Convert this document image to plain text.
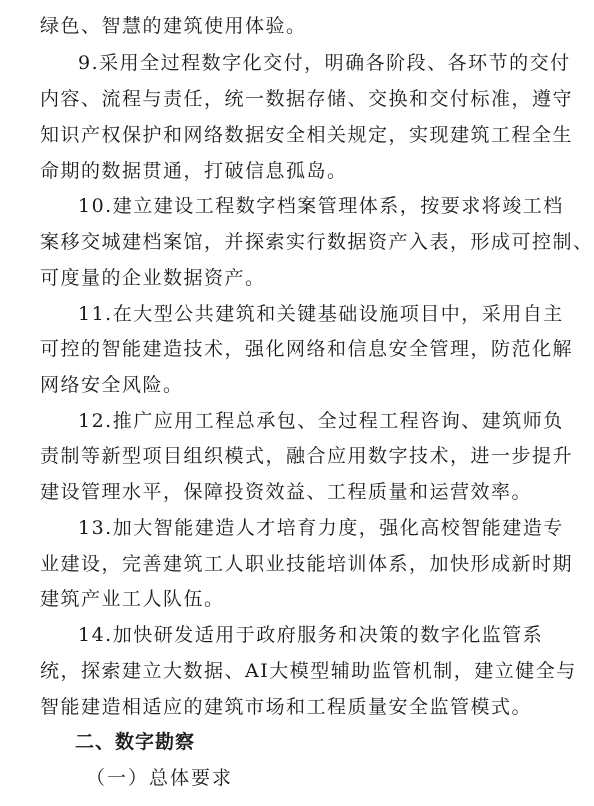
绿色、智慧的建筑使用体验。
9.采用全过程数字化交付，明确各阶段、各环节的交付
内容、流程与责任，统一数据存储、交换和交付标准，遵守
知识产权保护和网络数据安全相关规定，实现建筑工程全生
命期的数据贯通，打破信息孤岛。
10.建立建设工程数字档案管理体系，按要求将竣工档
案移交城建档案馆，并探索实行数据资产入表，形成可控制、
可度量的企业数据资产。
11.在大型公共建筑和关键基础设施项目中，采用自主
可控的智能建造技术，强化网络和信息安全管理，防范化解
网络安全风险。
12.推广应用工程总承包、全过程工程咨询、建筑师负
责制等新型项目组织模式，融合应用数字技术，进一步提升
建设管理水平，保障投资效益、工程质量和运营效率。
13.加大智能建造人才培育力度，强化高校智能建造专
业建设，完善建筑工人职业技能培训体系，加快形成新时期
建筑产业工人队伍。
14.加快研发适用于政府服务和决策的数字化监管系
统，探索建立大数据、AI大模型辅助监管机制，建立健全与
智能建造相适应的建筑市场和工程质量安全监管模式。
二、数字勘察
（一）总体要求
